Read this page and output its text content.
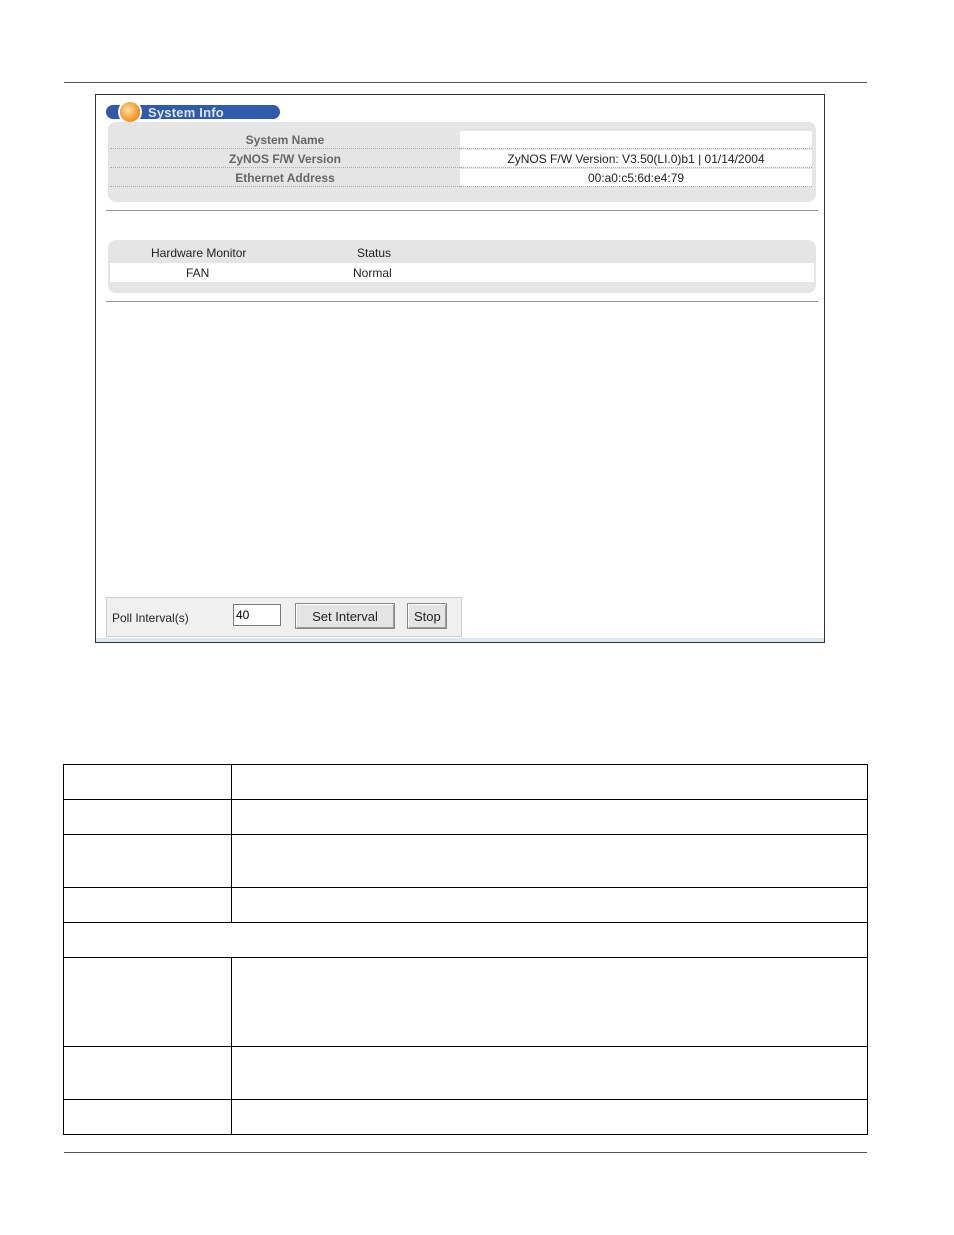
System Info
System Name
ZyNOS F/W Version	ZyNOS F/W Version: V3.50(LI.0)b1 | 01/14/2004
Ethernet Address	00:a0:c5:6d:e4:79
Hardware Monitor	Status
FAN	Normal
Poll Interval(s)
40	Set Interval	Stop
